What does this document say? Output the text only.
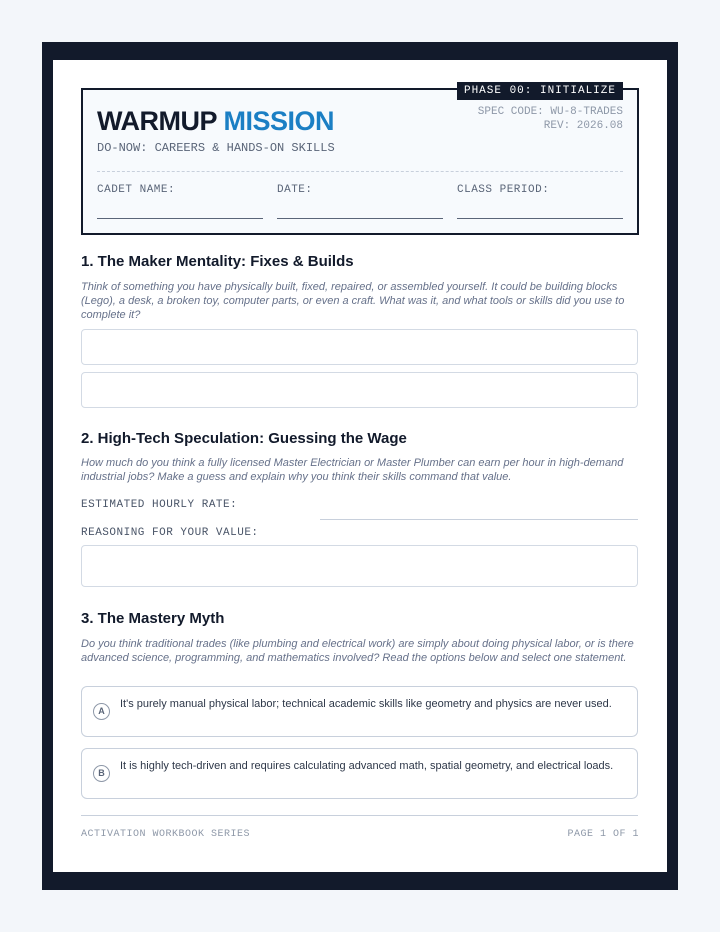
PHASE 00: INITIALIZE
WARMUP MISSION
DO-NOW: CAREERS & HANDS-ON SKILLS
SPEC CODE: WU-8-TRADES
REV: 2026.08
CADET NAME:	DATE:	CLASS PERIOD:
1. The Maker Mentality: Fixes & Builds
Think of something you have physically built, fixed, repaired, or assembled yourself. It could be building blocks (Lego), a desk, a broken toy, computer parts, or even a craft. What was it, and what tools or skills did you use to complete it?
2. High-Tech Speculation: Guessing the Wage
How much do you think a fully licensed Master Electrician or Master Plumber can earn per hour in high-demand industrial jobs? Make a guess and explain why you think their skills command that value.
ESTIMATED HOURLY RATE:
REASONING FOR YOUR VALUE:
3. The Mastery Myth
Do you think traditional trades (like plumbing and electrical work) are simply about doing physical labor, or is there advanced science, programming, and mathematics involved? Read the options below and select one statement.
A
It's purely manual physical labor; technical academic skills like geometry and physics are never used.
B
It is highly tech-driven and requires calculating advanced math, spatial geometry, and electrical loads.
ACTIVATION WORKBOOK SERIES	PAGE 1 OF 1
